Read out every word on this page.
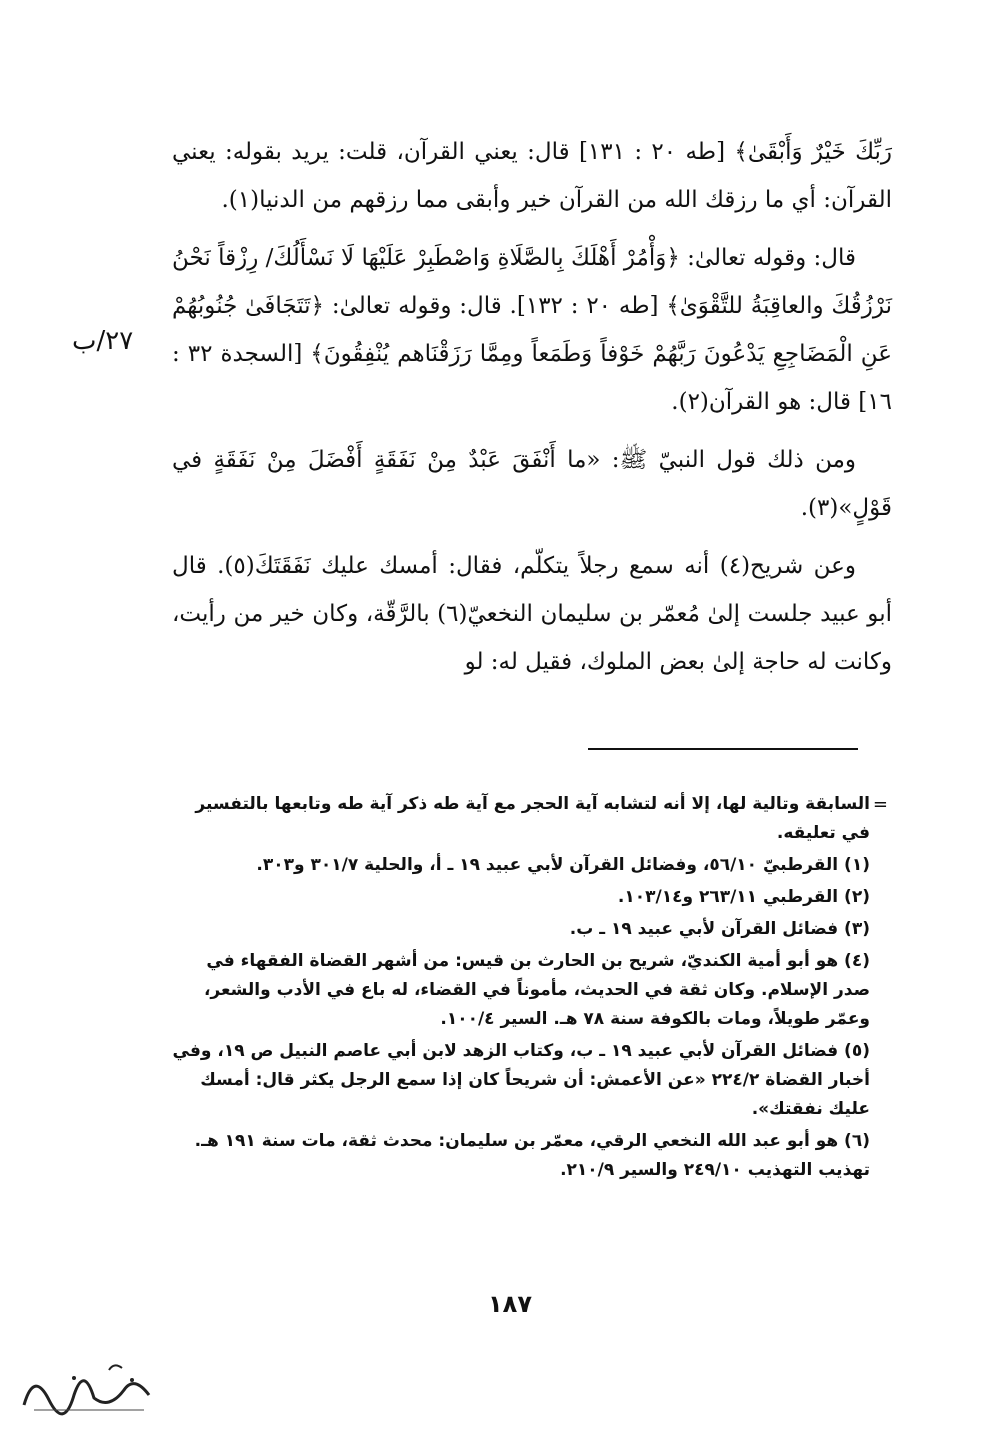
رَبِّكَ خَيْرٌ وَأَبْقَىٰ﴾ [طه ٢٠ : ١٣١] قال: يعني القرآن، قلت: يريد بقوله: يعني القرآن: أي ما رزقك الله من القرآن خير وأبقى مما رزقهم من الدنيا(١).

قال: وقوله تعالىٰ: ﴿وَأْمُرْ أَهْلَكَ بِالصَّلَاةِ وَاصْطَبِرْ عَلَيْهَا لَا نَسْأَلُكَ/ رِزْقاً نَحْنُ نَرْزُقُكَ والعاقِبَةُ للتَّقْوَىٰ﴾ [طه ٢٠ : ١٣٢]. قال: وقوله تعالىٰ: ﴿تَتَجَافَىٰ جُنُوبُهُمْ عَنِ الْمَضَاجِعِ يَدْعُونَ رَبَّهُمْ خَوْفاً وَطَمَعاً ومِمَّا رَزَقْنَاهم يُنْفِقُونَ﴾ [السجدة ٣٢ : ١٦] قال: هو القرآن(٢).

ومن ذلك قول النبيّ ﷺ: «ما أَنْفَقَ عَبْدٌ مِنْ نَفَقَةٍ أَفْضَلَ مِنْ نَفَقَةٍ في قَوْلٍ»(٣).

وعن شريح(٤) أنه سمع رجلاً يتكلّم، فقال: أمسك عليك نَفَقَتَكَ(٥). قال أبو عبيد جلست إلىٰ مُعمّر بن سليمان النخعيّ(٦) بالرَّقّة، وكان خير من رأيت، وكانت له حاجة إلىٰ بعض الملوك، فقيل له: لو

٢٧/ب
=

السابقة وتالية لها، إلا أنه لتشابه آية الحجر مع آية طه ذكر آية طه وتابعها بالتفسير في تعليقه.

(١) القرطبيّ ٥٦/١٠، وفضائل القرآن لأبي عبيد ١٩ ـ أ، والحلية ٣٠١/٧ و٣٠٣.

(٢) القرطبي ٢٦٣/١١ و١٠٣/١٤.

(٣) فضائل القرآن لأبي عبيد ١٩ ـ ب.

(٤) هو أبو أمية الكنديّ، شريح بن الحارث بن قيس: من أشهر القضاة الفقهاء في صدر الإسلام. وكان ثقة في الحديث، مأموناً في القضاء، له باع في الأدب والشعر، وعمّر طويلاً، ومات بالكوفة سنة ٧٨ هـ. السير ١٠٠/٤.

(٥) فضائل القرآن لأبي عبيد ١٩ ـ ب، وكتاب الزهد لابن أبي عاصم النبيل ص ١٩، وفي أخبار القضاة ٢٢٤/٢ «عن الأعمش: أن شريحاً كان إذا سمع الرجل يكثر قال: أمسك عليك نفقتك».

(٦) هو أبو عبد الله النخعي الرقي، معمّر بن سليمان: محدث ثقة، مات سنة ١٩١ هـ. تهذيب التهذيب ٢٤٩/١٠ والسير ٢١٠/٩.

١٨٧
